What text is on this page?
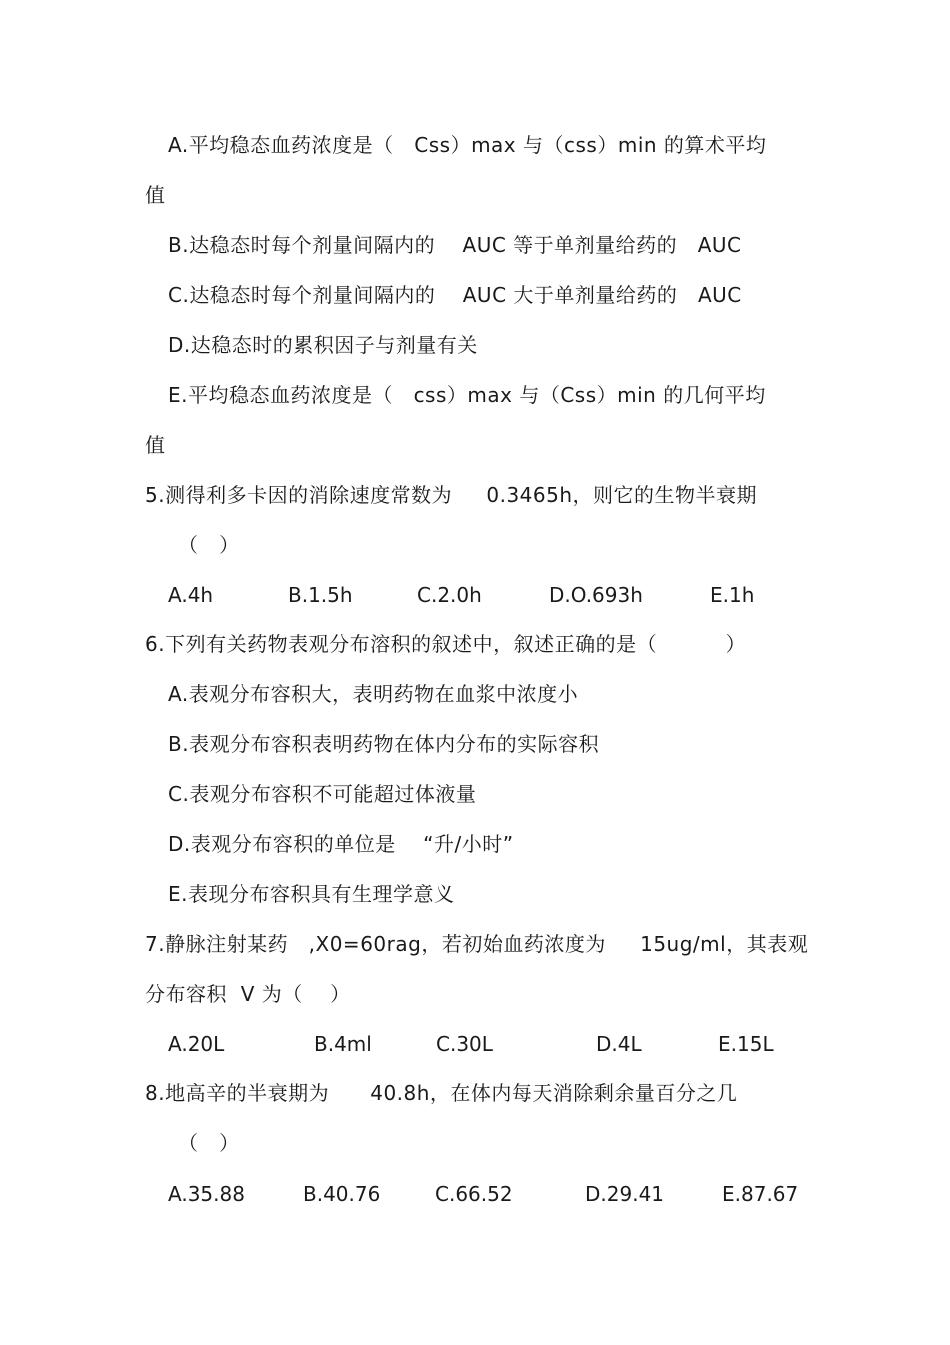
A.平均稳态血药浓度是（   Css）max 与（css）min 的算术平均
值
B.达稳态时每个剂量间隔内的    AUC 等于单剂量给药的   AUC
C.达稳态时每个剂量间隔内的    AUC 大于单剂量给药的   AUC
D.达稳态时的累积因子与剂量有关
E.平均稳态血药浓度是（   css）max 与（Css）min 的几何平均
值
5.测得利多卡因的消除速度常数为     0.3465h，则它的生物半衰期
（   ）
A.4h	B.1.5h	C.2.0h	D.O.693h	E.1h
6.下列有关药物表观分布溶积的叙述中，叙述正确的是（          ）
A.表观分布容积大，表明药物在血浆中浓度小
B.表观分布容积表明药物在体内分布的实际容积
C.表观分布容积不可能超过体液量
D.表观分布容积的单位是    “升/小时”
E.表现分布容积具有生理学意义
7.静脉注射某药   ,X0=60rag，若初始血药浓度为     15ug/ml，其表观
分布容积  V 为（    ）
A.20L	B.4ml	C.30L	D.4L	E.15L
8.地高辛的半衰期为      40.8h，在体内每天消除剩余量百分之几
（   ）
A.35.88	B.40.76	C.66.52	D.29.41	E.87.67
